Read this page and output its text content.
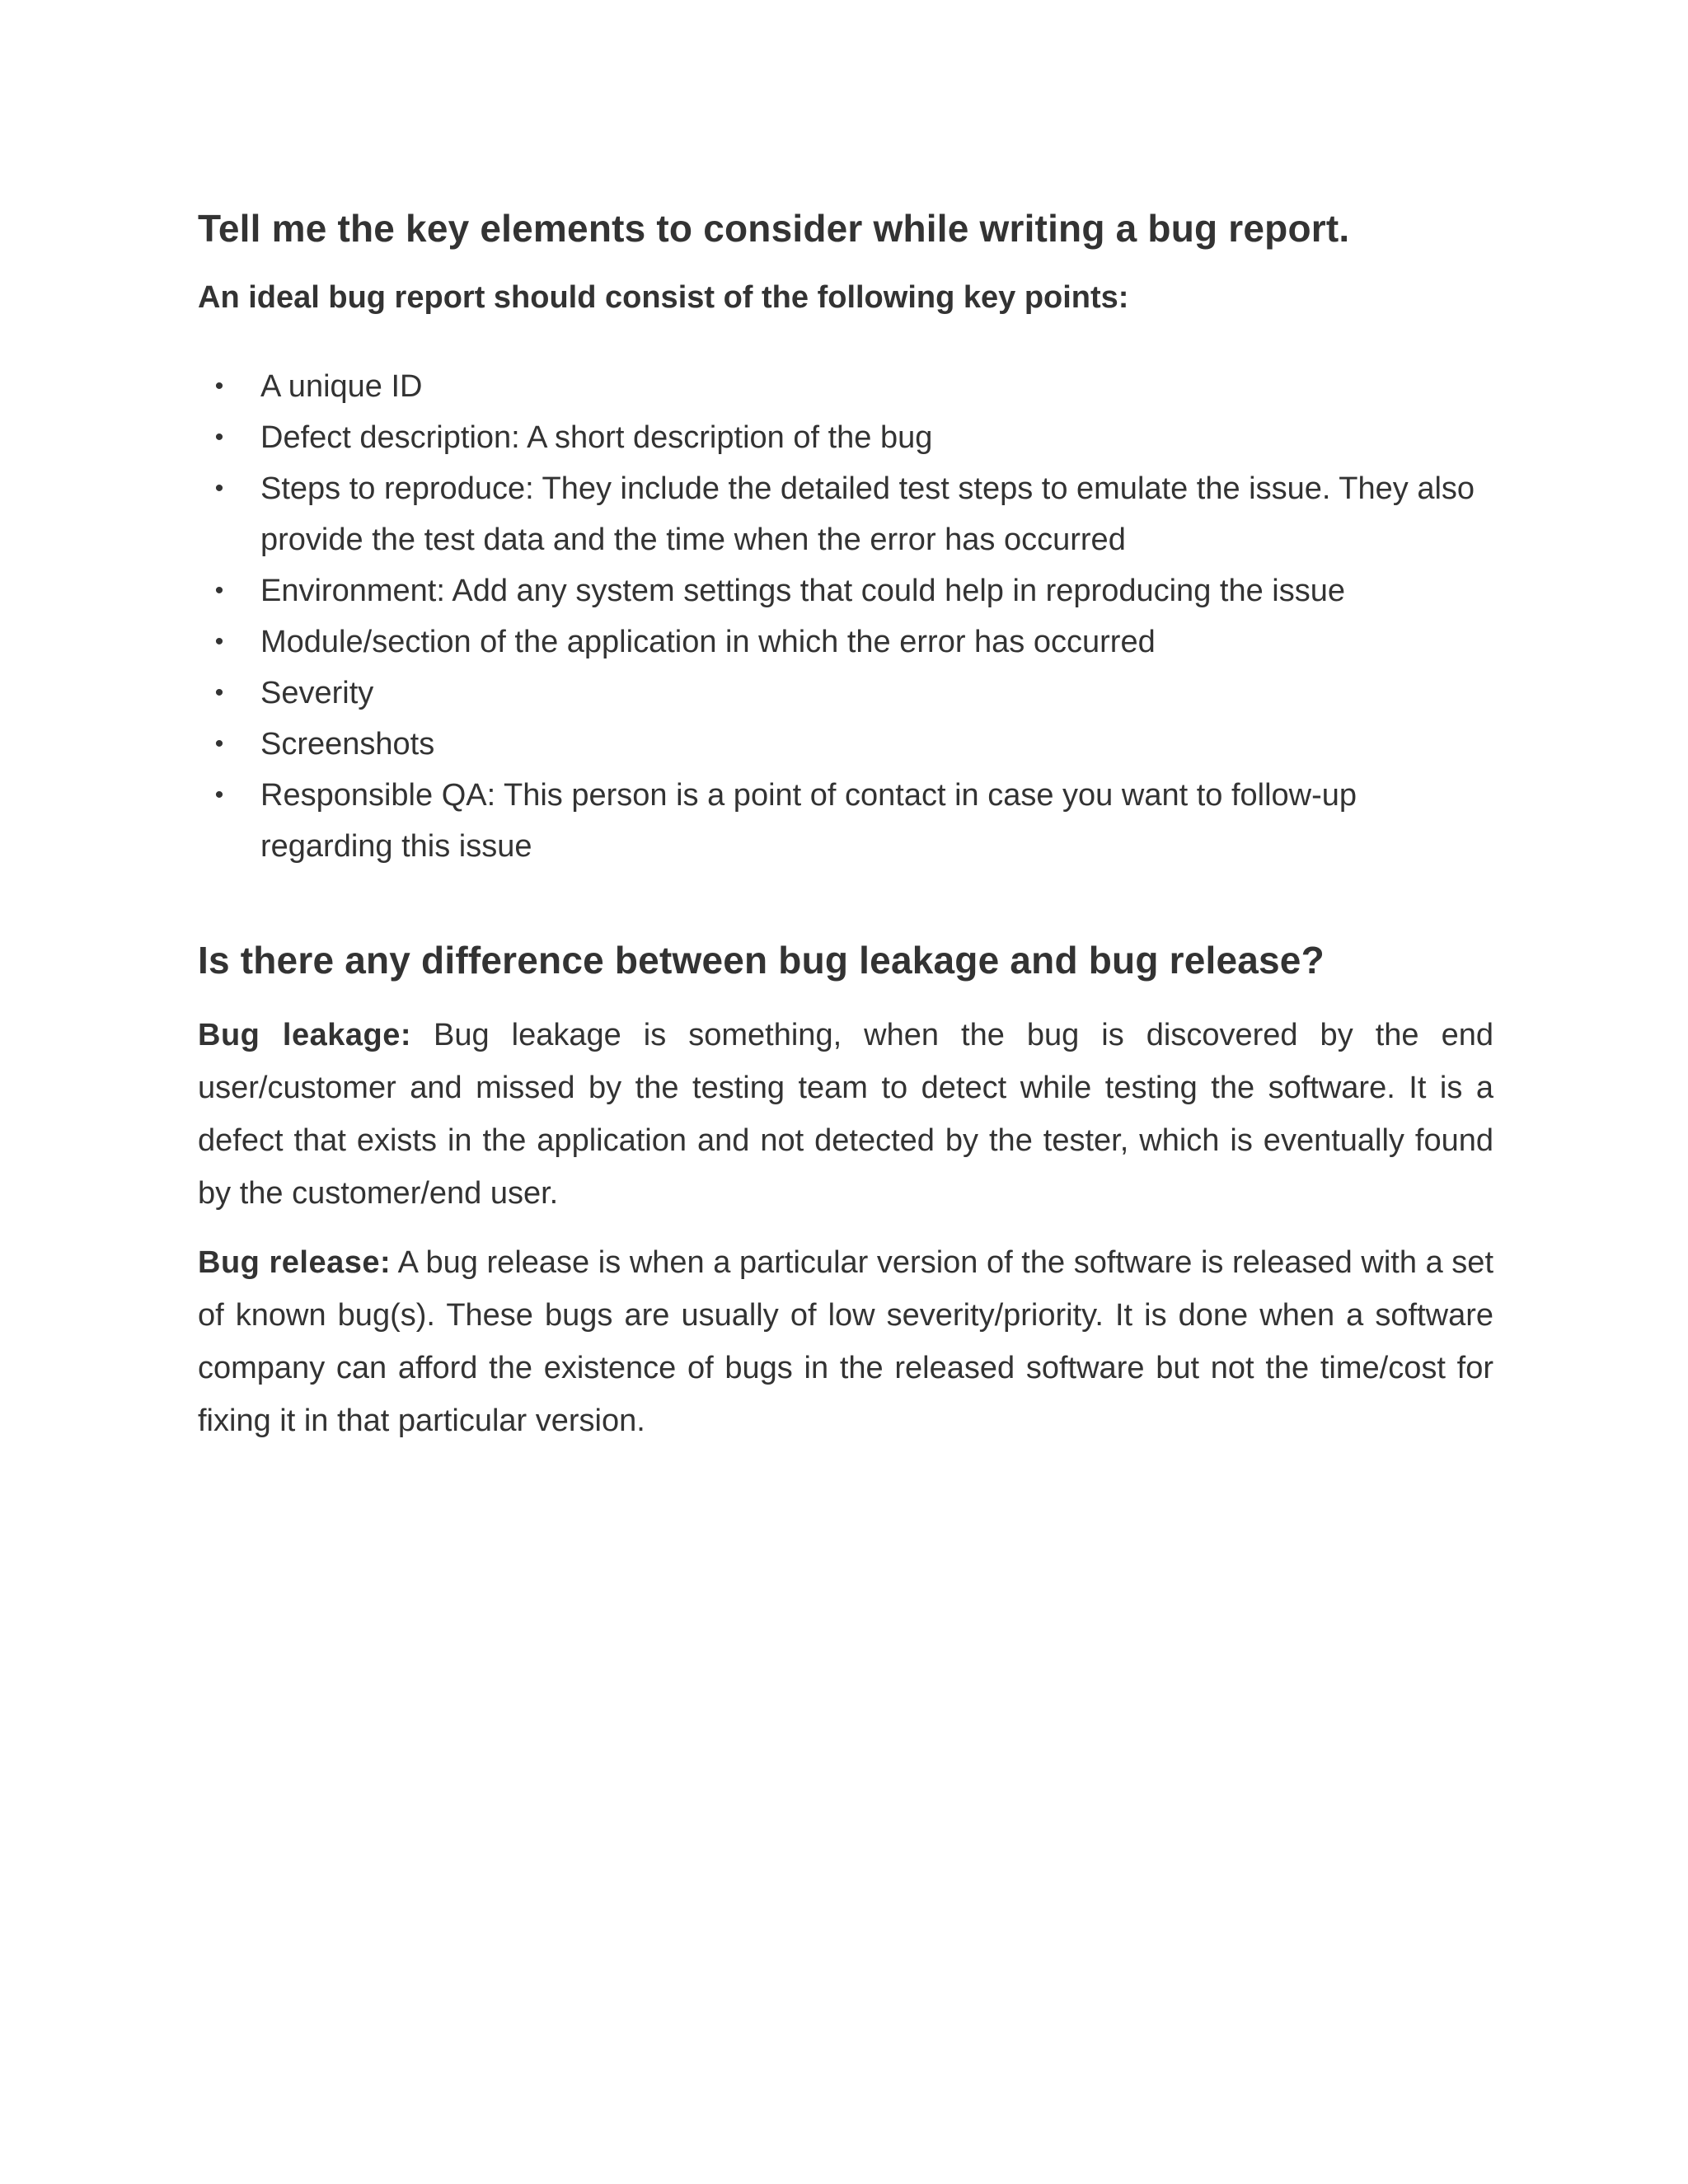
Tell me the key elements to consider while writing a bug report.
An ideal bug report should consist of the following key points:
• A unique ID
• Defect description: A short description of the bug
• Steps to reproduce: They include the detailed test steps to emulate the issue. They also provide the test data and the time when the error has occurred
• Environment: Add any system settings that could help in reproducing the issue
• Module/section of the application in which the error has occurred
• Severity
• Screenshots
• Responsible QA: This person is a point of contact in case you want to follow-up regarding this issue
Is there any difference between bug leakage and bug release?

Bug leakage: Bug leakage is something, when the bug is discovered by the end user/customer and missed by the testing team to detect while testing the software. It is a defect that exists in the application and not detected by the tester, which is eventually found by the customer/end user.

Bug release: A bug release is when a particular version of the software is released with a set of known bug(s). These bugs are usually of low severity/priority. It is done when a software company can afford the existence of bugs in the released software but not the time/cost for fixing it in that particular version.
